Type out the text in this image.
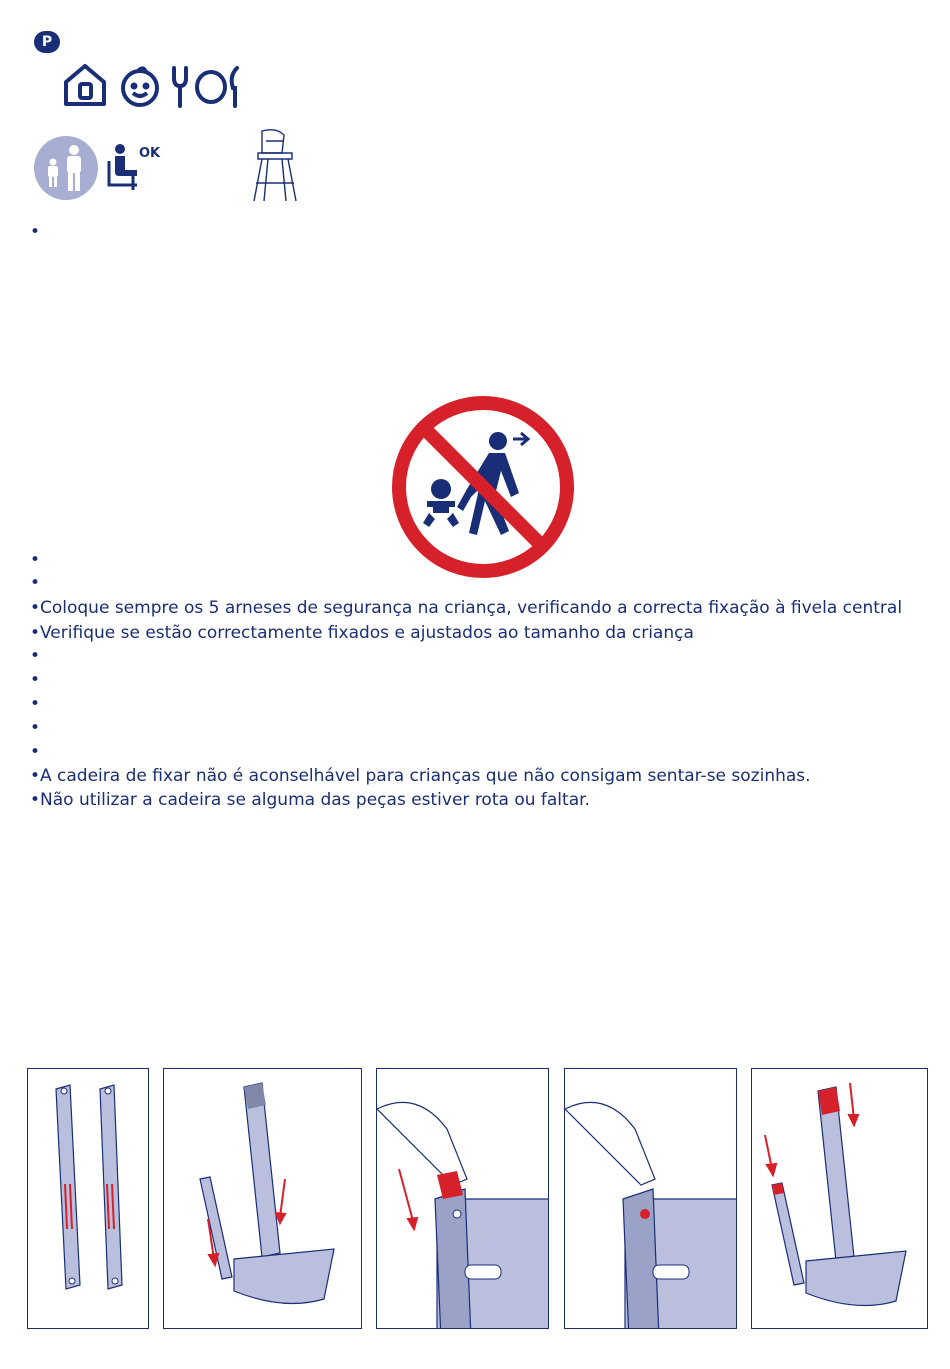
P
OK
•
•
•
•Coloque sempre os 5 arneses de segurança na criança, verificando a correcta fixação à fivela central
•Verifique se estão correctamente fixados e ajustados ao tamanho da criança
•
•
•
•
•
•A cadeira de fixar não é aconselhável para crianças que não consigam sentar-se sozinhas.
•Não utilizar a cadeira se alguma das peças estiver rota ou faltar.
